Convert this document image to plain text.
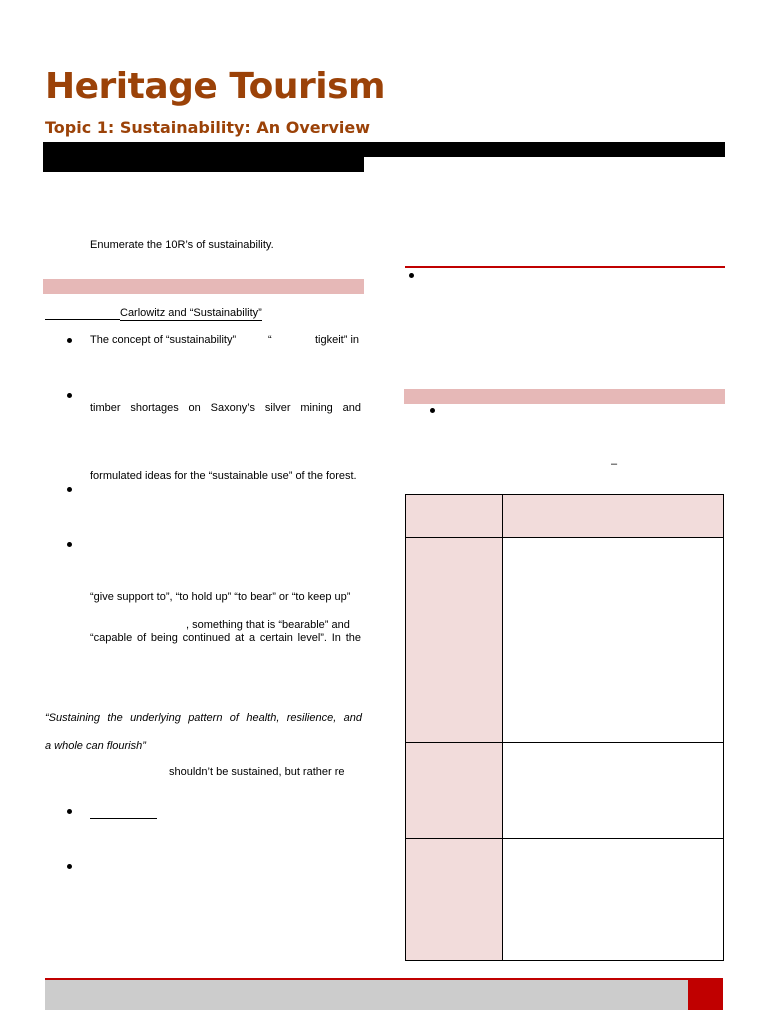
Heritage Tourism
Topic 1: Sustainability: An Overview
Enumerate the 10R’s of sustainability.
Carlowitz and “Sustainability”
The concept of “sustainability”	“	tigkeit” in
timber shortages on Saxony’s silver mining and
formulated ideas for the “sustainable use” of the forest.
“give support to”, “to hold up” “to bear” or “to keep up”
, something that is “bearable” and
“capable of being continued at a certain level”. In the
“Sustaining the underlying pattern of health, resilience, and
a whole can flourish”
shouldn’t be sustained, but rather re
–
